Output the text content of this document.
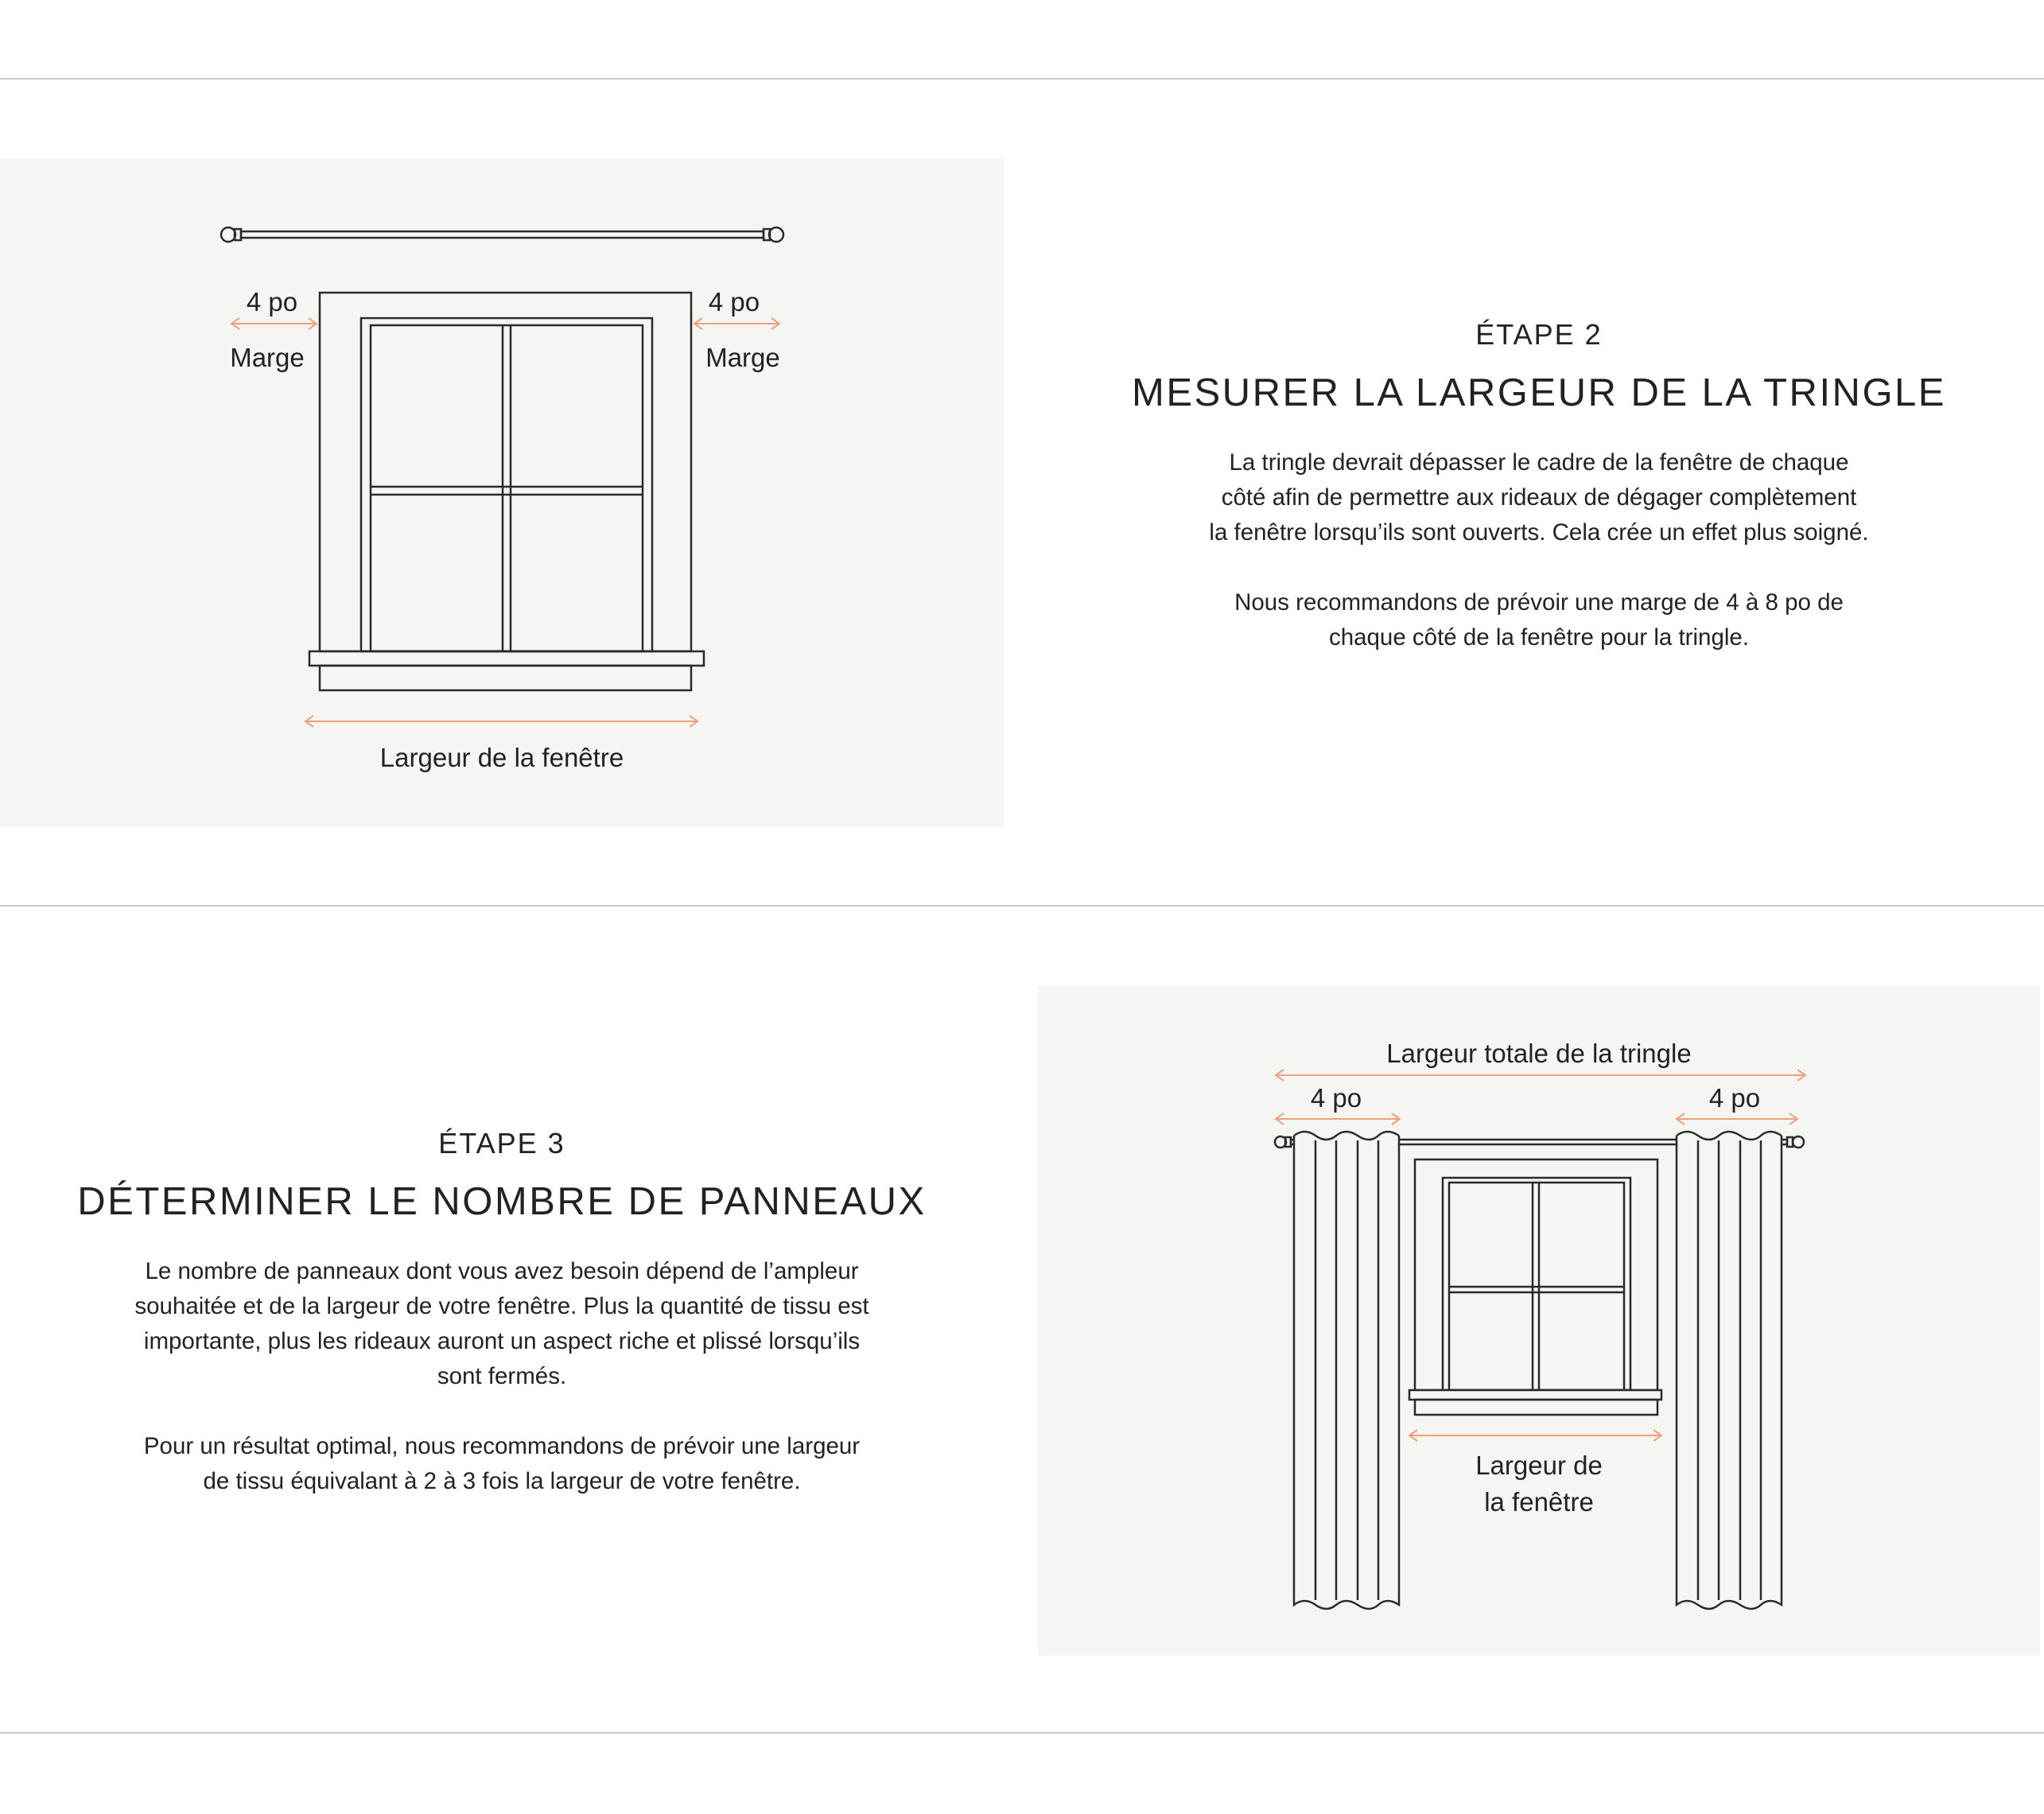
4 po
Marge
4 po
Marge
Largeur de la fenêtre

ÉTAPE 2

MESURER LA LARGEUR DE LA TRINGLE

La tringle devrait dépasser le cadre de la fenêtre de chaque
côté afin de permettre aux rideaux de dégager complètement
la fenêtre lorsqu’ils sont ouverts. Cela crée un effet plus soigné.

Nous recommandons de prévoir une marge de 4 à 8 po de
chaque côté de la fenêtre pour la tringle.

ÉTAPE 3

DÉTERMINER LE NOMBRE DE PANNEAUX

Le nombre de panneaux dont vous avez besoin dépend de l’ampleur
souhaitée et de la largeur de votre fenêtre. Plus la quantité de tissu est
importante, plus les rideaux auront un aspect riche et plissé lorsqu’ils
sont fermés.

Pour un résultat optimal, nous recommandons de prévoir une largeur
de tissu équivalant à 2 à 3 fois la largeur de votre fenêtre.

Largeur totale de la tringle
4 po	4 po
Largeur de
la fenêtre
